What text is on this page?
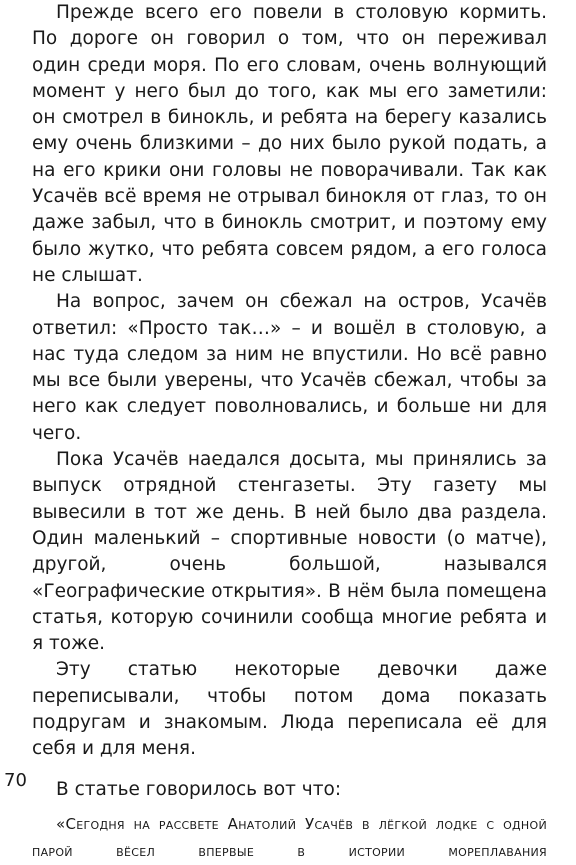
Прежде всего его повели в столовую кормить. По дороге он говорил о том, что он переживал один среди моря. По его словам, очень волнующий момент у него был до того, как мы его заметили: он смотрел в бинокль, и ребята на берегу казались ему очень близкими – до них было рукой подать, а на его крики они головы не поворачивали. Так как Усачёв всё время не отрывал бинокля от глаз, то он даже забыл, что в бинокль смотрит, и поэтому ему было жутко, что ребята совсем рядом, а его голоса не слышат.

На вопрос, зачем он сбежал на остров, Усачёв ответил: «Просто так…» – и вошёл в столовую, а нас туда следом за ним не впустили. Но всё равно мы все были уверены, что Усачёв сбежал, чтобы за него как следует поволновались, и больше ни для чего.

Пока Усачёв наедался досыта, мы принялись за выпуск отрядной стенгазеты. Эту газету мы вывесили в тот же день. В ней было два раздела. Один маленький – спортивные новости (о матче), другой, очень большой, назывался «Географические открытия». В нём была помещена статья, которую сочинили сообща многие ребята и я тоже.

Эту статью некоторые девочки даже переписывали, чтобы потом дома показать подругам и знакомым. Люда переписала её для себя и для меня.

В статье говорилось вот что:

«Сегодня на рассвете Анатолий Усачёв в лёгкой лодке с одной парой вёсел впервые в истории мореплавания

70
